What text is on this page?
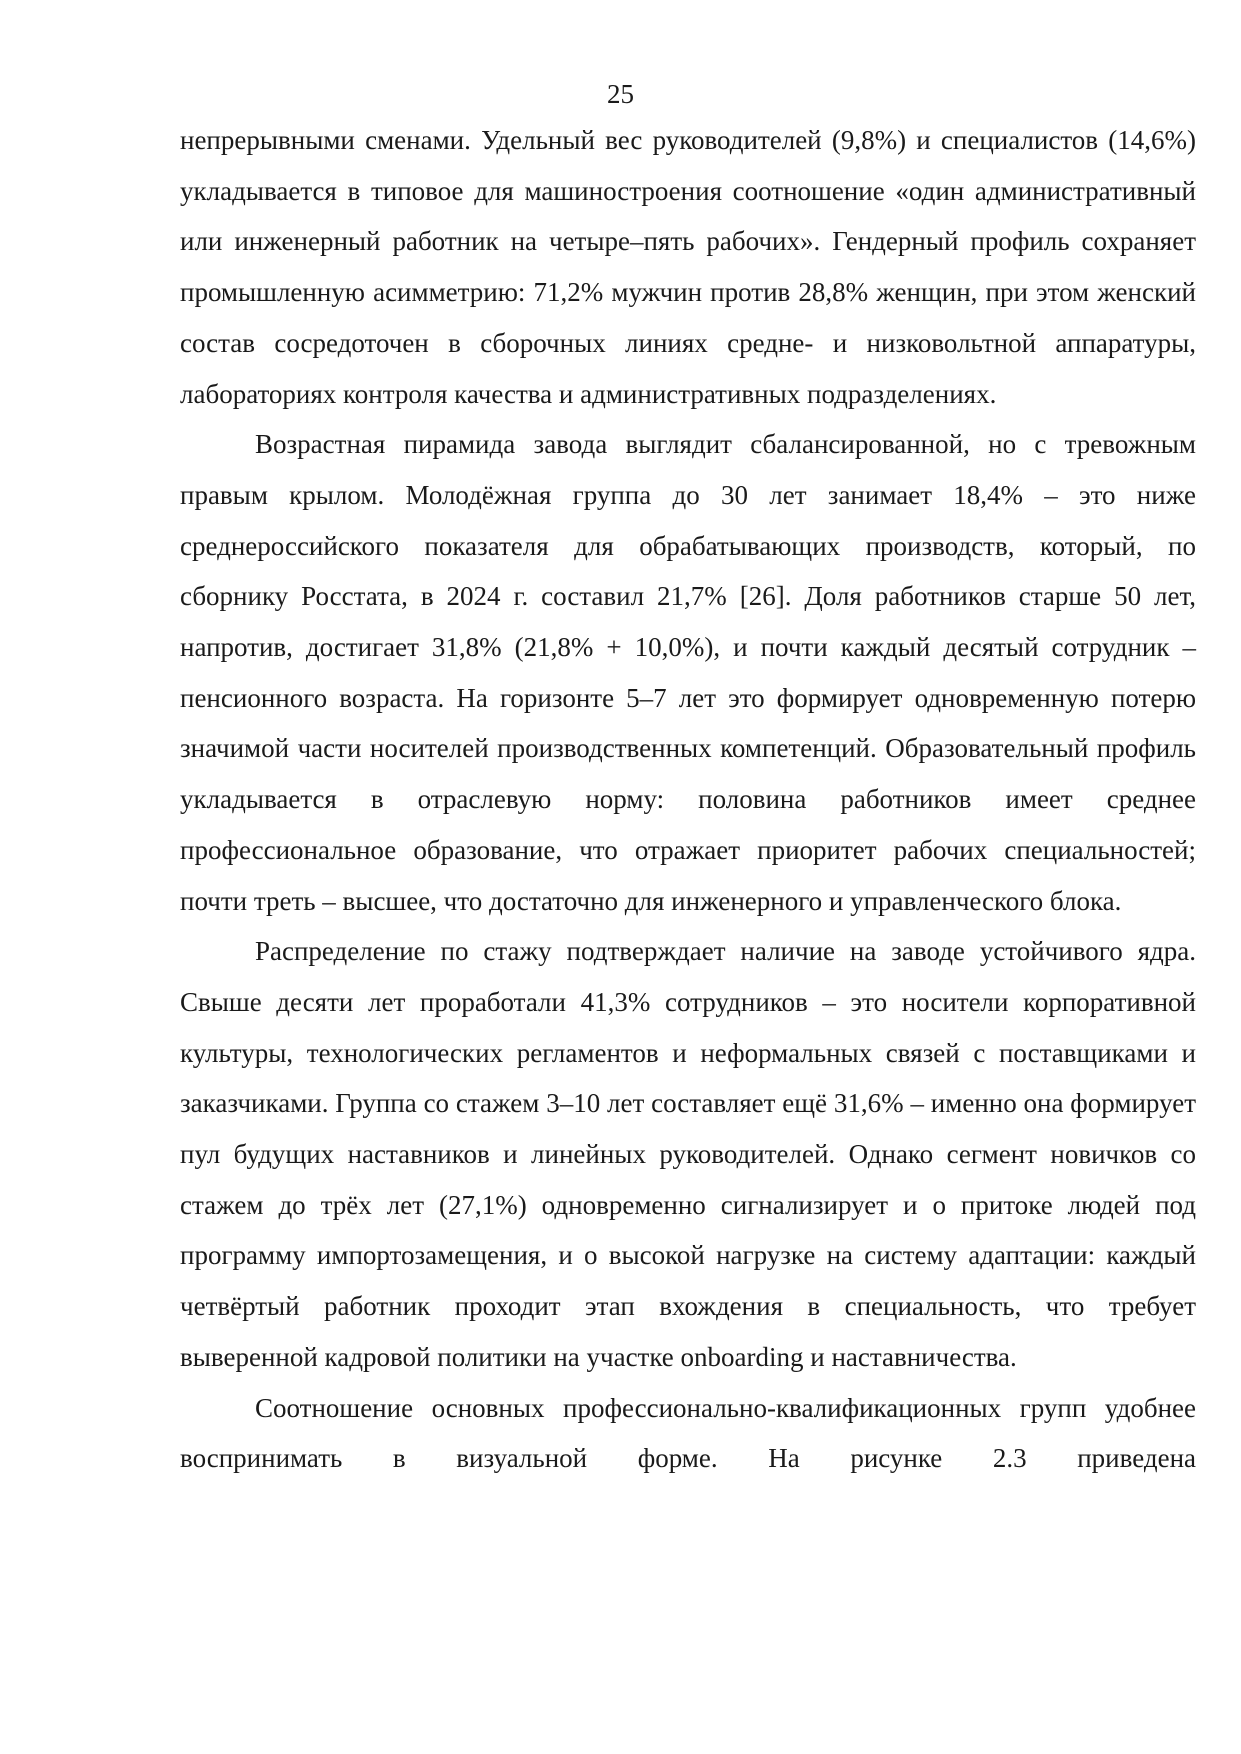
25

непрерывными сменами. Удельный вес руководителей (9,8%) и специалистов (14,6%) укладывается в типовое для машиностроения соотношение «один административный или инженерный работник на четыре–пять рабочих». Гендерный профиль сохраняет промышленную асимметрию: 71,2% мужчин против 28,8% женщин, при этом женский состав сосредоточен в сборочных линиях средне- и низковольтной аппаратуры, лабораториях контроля качества и административных подразделениях.

Возрастная пирамида завода выглядит сбалансированной, но с тревожным правым крылом. Молодёжная группа до 30 лет занимает 18,4% – это ниже среднероссийского показателя для обрабатывающих производств, который, по сборнику Росстата, в 2024 г. составил 21,7% [26]. Доля работников старше 50 лет, напротив, достигает 31,8% (21,8% + 10,0%), и почти каждый десятый сотрудник – пенсионного возраста. На горизонте 5–7 лет это формирует одновременную потерю значимой части носителей производственных компетенций. Образовательный профиль укладывается в отраслевую норму: половина работников имеет среднее профессиональное образование, что отражает приоритет рабочих специальностей; почти треть – высшее, что достаточно для инженерного и управленческого блока.

Распределение по стажу подтверждает наличие на заводе устойчивого ядра. Свыше десяти лет проработали 41,3% сотрудников – это носители корпоративной культуры, технологических регламентов и неформальных связей с поставщиками и заказчиками. Группа со стажем 3–10 лет составляет ещё 31,6% – именно она формирует пул будущих наставников и линейных руководителей. Однако сегмент новичков со стажем до трёх лет (27,1%) одновременно сигнализирует и о притоке людей под программу импортозамещения, и о высокой нагрузке на систему адаптации: каждый четвёртый работник проходит этап вхождения в специальность, что требует выверенной кадровой политики на участке onboarding и наставничества.

Соотношение основных профессионально-квалификационных групп удобнее воспринимать в визуальной форме. На рисунке 2.3 приведена
